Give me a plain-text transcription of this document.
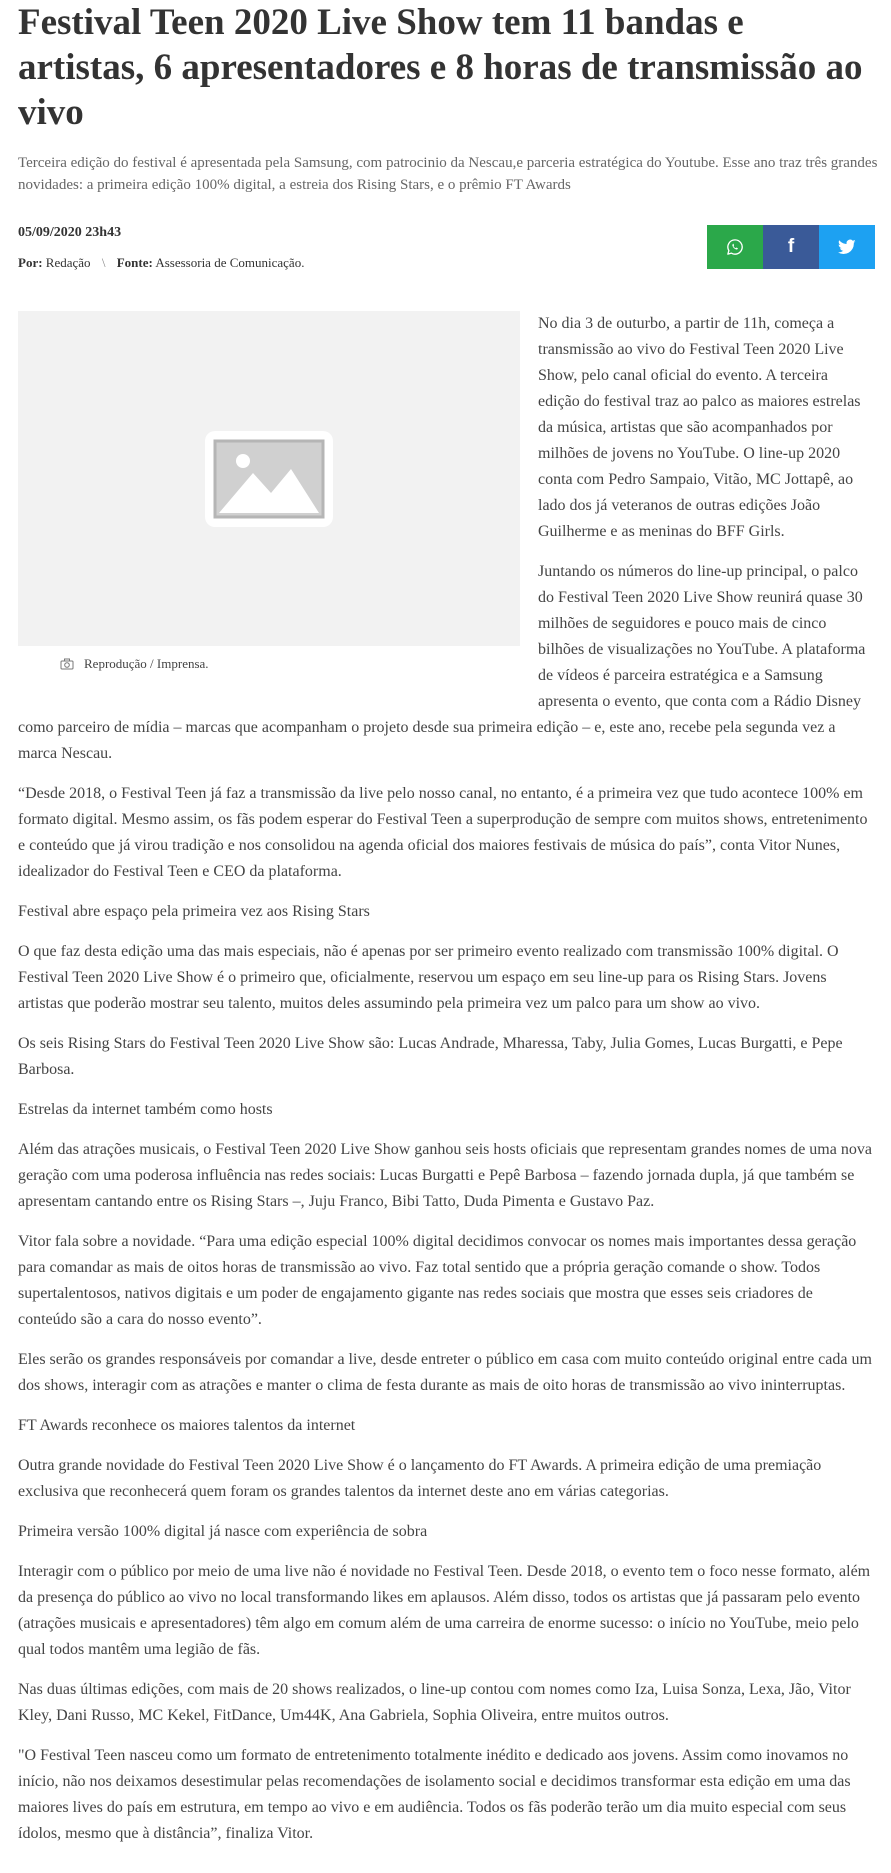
Festival Teen 2020 Live Show tem 11 bandas e artistas, 6 apresentadores e 8 horas de transmissão ao vivo

Terceira edição do festival é apresentada pela Samsung, com patrocinio da Nescau,e parceria estratégica do Youtube. Esse ano traz três grandes novidades: a primeira edição 100% digital, a estreia dos Rising Stars, e o prêmio FT Awards

05/09/2020 23h43
Por: Redação \ Fonte: Assessoria de Comunicação.
f
Reprodução / Imprensa.

No dia 3 de outurbo, a partir de 11h, começa a transmissão ao vivo do Festival Teen 2020 Live Show, pelo canal oficial do evento. A terceira edição do festival traz ao palco as maiores estrelas da música, artistas que são acompanhados por milhões de jovens no YouTube. O line-up 2020 conta com Pedro Sampaio, Vitão, MC Jottapê, ao lado dos já veteranos de outras edições João Guilherme e as meninas do BFF Girls.

Juntando os números do line-up principal, o palco do Festival Teen 2020 Live Show reunirá quase 30 milhões de seguidores e pouco mais de cinco bilhões de visualizações no YouTube. A plataforma de vídeos é parceira estratégica e a Samsung apresenta o evento, que conta com a Rádio Disney como parceiro de mídia – marcas que acompanham o projeto desde sua primeira edição – e, este ano, recebe pela segunda vez a marca Nescau.

“Desde 2018, o Festival Teen já faz a transmissão da live pelo nosso canal, no entanto, é a primeira vez que tudo acontece 100% em formato digital. Mesmo assim, os fãs podem esperar do Festival Teen a superprodução de sempre com muitos shows, entretenimento e conteúdo que já virou tradição e nos consolidou na agenda oficial dos maiores festivais de música do país”, conta Vitor Nunes, idealizador do Festival Teen e CEO da plataforma.

Festival abre espaço pela primeira vez aos Rising Stars

O que faz desta edição uma das mais especiais, não é apenas por ser primeiro evento realizado com transmissão 100% digital. O Festival Teen 2020 Live Show é o primeiro que, oficialmente, reservou um espaço em seu line-up para os Rising Stars. Jovens artistas que poderão mostrar seu talento, muitos deles assumindo pela primeira vez um palco para um show ao vivo.

Os seis Rising Stars do Festival Teen 2020 Live Show são: Lucas Andrade, Mharessa, Taby, Julia Gomes, Lucas Burgatti, e Pepe Barbosa.

Estrelas da internet também como hosts

Além das atrações musicais, o Festival Teen 2020 Live Show ganhou seis hosts oficiais que representam grandes nomes de uma nova geração com uma poderosa influência nas redes sociais: Lucas Burgatti e Pepê Barbosa – fazendo jornada dupla, já que também se apresentam cantando entre os Rising Stars –, Juju Franco, Bibi Tatto, Duda Pimenta e Gustavo Paz.

Vitor fala sobre a novidade. “Para uma edição especial 100% digital decidimos convocar os nomes mais importantes dessa geração para comandar as mais de oitos horas de transmissão ao vivo. Faz total sentido que a própria geração comande o show. Todos supertalentosos, nativos digitais e um poder de engajamento gigante nas redes sociais que mostra que esses seis criadores de conteúdo são a cara do nosso evento”.

Eles serão os grandes responsáveis por comandar a live, desde entreter o público em casa com muito conteúdo original entre cada um dos shows, interagir com as atrações e manter o clima de festa durante as mais de oito horas de transmissão ao vivo ininterruptas.

FT Awards reconhece os maiores talentos da internet

Outra grande novidade do Festival Teen 2020 Live Show é o lançamento do FT Awards. A primeira edição de uma premiação exclusiva que reconhecerá quem foram os grandes talentos da internet deste ano em várias categorias.

Primeira versão 100% digital já nasce com experiência de sobra

Interagir com o público por meio de uma live não é novidade no Festival Teen. Desde 2018, o evento tem o foco nesse formato, além da presença do público ao vivo no local transformando likes em aplausos. Além disso, todos os artistas que já passaram pelo evento (atrações musicais e apresentadores) têm algo em comum além de uma carreira de enorme sucesso: o início no YouTube, meio pelo qual todos mantêm uma legião de fãs.

Nas duas últimas edições, com mais de 20 shows realizados, o line-up contou com nomes como Iza, Luisa Sonza, Lexa, Jão, Vitor Kley, Dani Russo, MC Kekel, FitDance, Um44K, Ana Gabriela, Sophia Oliveira, entre muitos outros.

"O Festival Teen nasceu como um formato de entretenimento totalmente inédito e dedicado aos jovens. Assim como inovamos no início, não nos deixamos desestimular pelas recomendações de isolamento social e decidimos transformar esta edição em uma das maiores lives do país em estrutura, em tempo ao vivo e em audiência. Todos os fãs poderão terão um dia muito especial com seus ídolos, mesmo que à distância”, finaliza Vitor.
